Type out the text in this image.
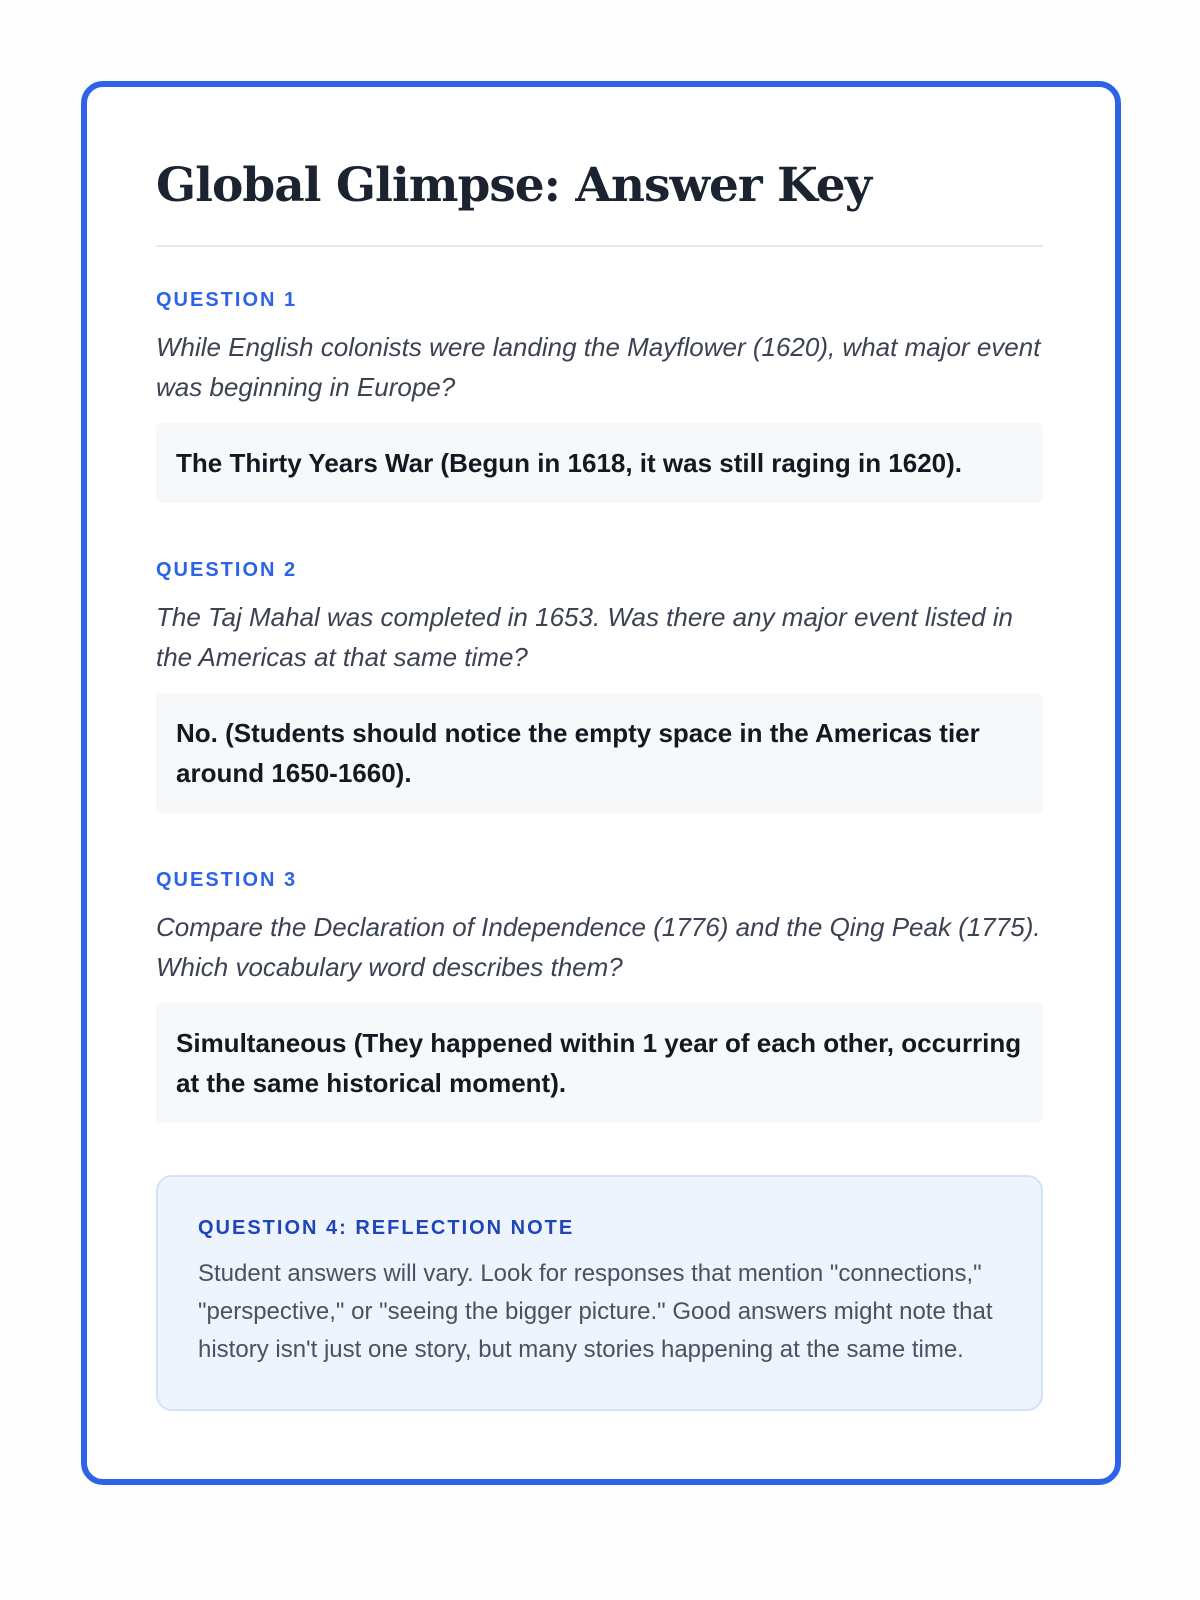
Global Glimpse: Answer Key
QUESTION 1
While English colonists were landing the Mayflower (1620), what major event was beginning in Europe?
The Thirty Years War (Begun in 1618, it was still raging in 1620).
QUESTION 2
The Taj Mahal was completed in 1653. Was there any major event listed in the Americas at that same time?
No. (Students should notice the empty space in the Americas tier around 1650-1660).
QUESTION 3
Compare the Declaration of Independence (1776) and the Qing Peak (1775). Which vocabulary word describes them?
Simultaneous (They happened within 1 year of each other, occurring at the same historical moment).
QUESTION 4: REFLECTION NOTE
Student answers will vary. Look for responses that mention "connections," "perspective," or "seeing the bigger picture." Good answers might note that history isn't just one story, but many stories happening at the same time.
